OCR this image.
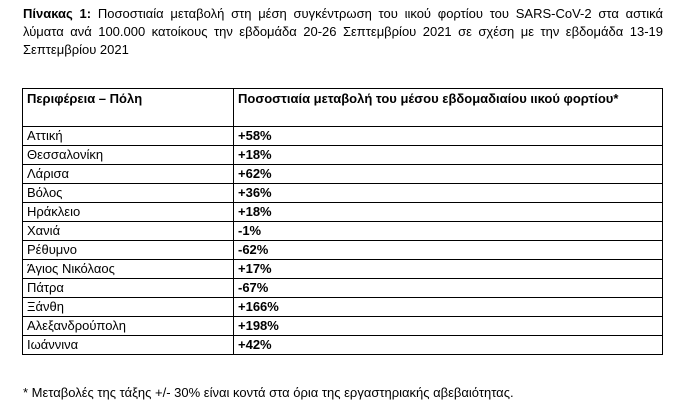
Πίνακας 1: Ποσοστιαία μεταβολή στη μέση συγκέντρωση του ιικού φορτίου του SARS-CoV-2 στα αστικά λύματα ανά 100.000 κατοίκους την εβδομάδα 20-26 Σεπτεμβρίου 2021 σε σχέση με την εβδομάδα 13-19 Σεπτεμβρίου 2021
Περιφέρεια – Πόλη	Ποσοστιαία μεταβολή του μέσου εβδομαδιαίου ιικού φορτίου*
Αττική	+58%
Θεσσαλονίκη	+18%
Λάρισα	+62%
Βόλος	+36%
Ηράκλειο	+18%
Χανιά	-1%
Ρέθυμνο	-62%
Άγιος Νικόλαος	+17%
Πάτρα	-67%
Ξάνθη	+166%
Αλεξανδρούπολη	+198%
Ιωάννινα	+42%
* Μεταβολές της τάξης +/- 30% είναι κοντά στα όρια της εργαστηριακής αβεβαιότητας.
